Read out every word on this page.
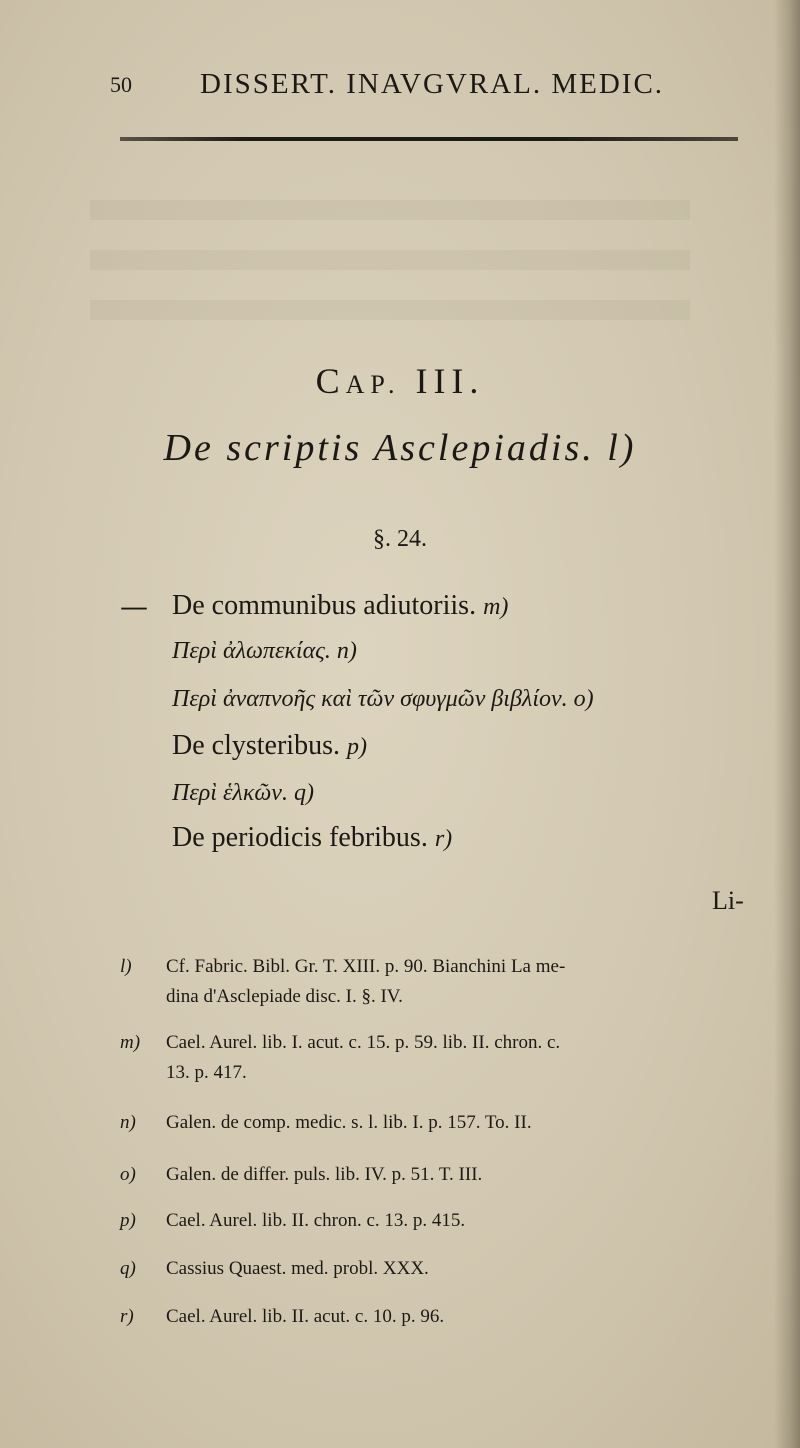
50 DISSERT. INAVGVRAL. MEDIC.
CAP. III.
De scriptis Asclepiadis. l)
§. 24.
— De communibus adiutoriis. m)
Περὶ ἀλωπεκίας. n)
Περὶ ἀναπνοῆς καὶ τῶν σφυγμῶν βιβλίον. o)
De clysteribus. p)
Περὶ ἑλκῶν. q)
De periodicis febribus. r)
Li-
l) Cf. Fabric. Bibl. Gr. T. XIII. p. 90. Bianchini La me-
dina d'Asclepiade disc. I. §. IV.
m) Cael. Aurel. lib. I. acut. c. 15. p. 59. lib. II. chron. c.
13. p. 417.
n) Galen. de comp. medic. s. l. lib. I. p. 157. To. II.
o) Galen. de differ. puls. lib. IV. p. 51. T. III.
p) Cael. Aurel. lib. II. chron. c. 13. p. 415.
q) Cassius Quaest. med. probl. XXX.
r) Cael. Aurel. lib. II. acut. c. 10. p. 96.
